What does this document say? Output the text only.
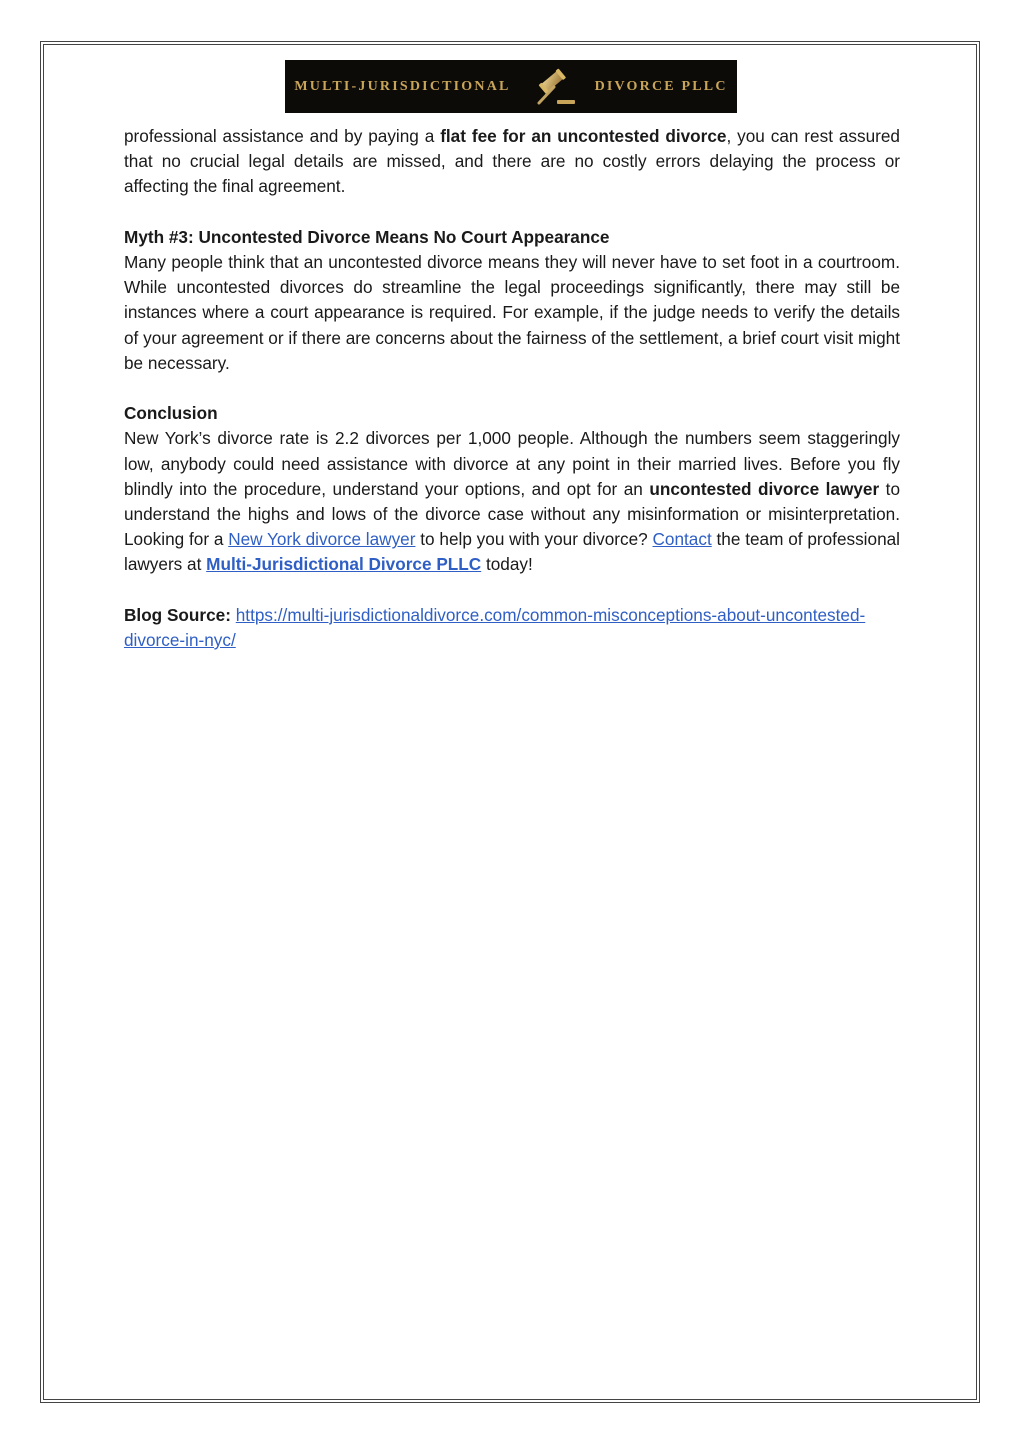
MULTI-JURISDICTIONAL	DIVORCE PLLC

professional assistance and by paying a flat fee for an uncontested divorce, you can rest assured that no crucial legal details are missed, and there are no costly errors delaying the process or affecting the final agreement.

Myth #3: Uncontested Divorce Means No Court Appearance

Many people think that an uncontested divorce means they will never have to set foot in a courtroom. While uncontested divorces do streamline the legal proceedings significantly, there may still be instances where a court appearance is required. For example, if the judge needs to verify the details of your agreement or if there are concerns about the fairness of the settlement, a brief court visit might be necessary.

Conclusion

New York’s divorce rate is 2.2 divorces per 1,000 people. Although the numbers seem staggeringly low, anybody could need assistance with divorce at any point in their married lives. Before you fly blindly into the procedure, understand your options, and opt for an uncontested divorce lawyer to understand the highs and lows of the divorce case without any misinformation or misinterpretation. Looking for a New York divorce lawyer to help you with your divorce? Contact the team of professional lawyers at Multi-Jurisdictional Divorce PLLC today!

Blog Source: https://multi-jurisdictionaldivorce.com/common-misconceptions-about-uncontested-divorce-in-nyc/
